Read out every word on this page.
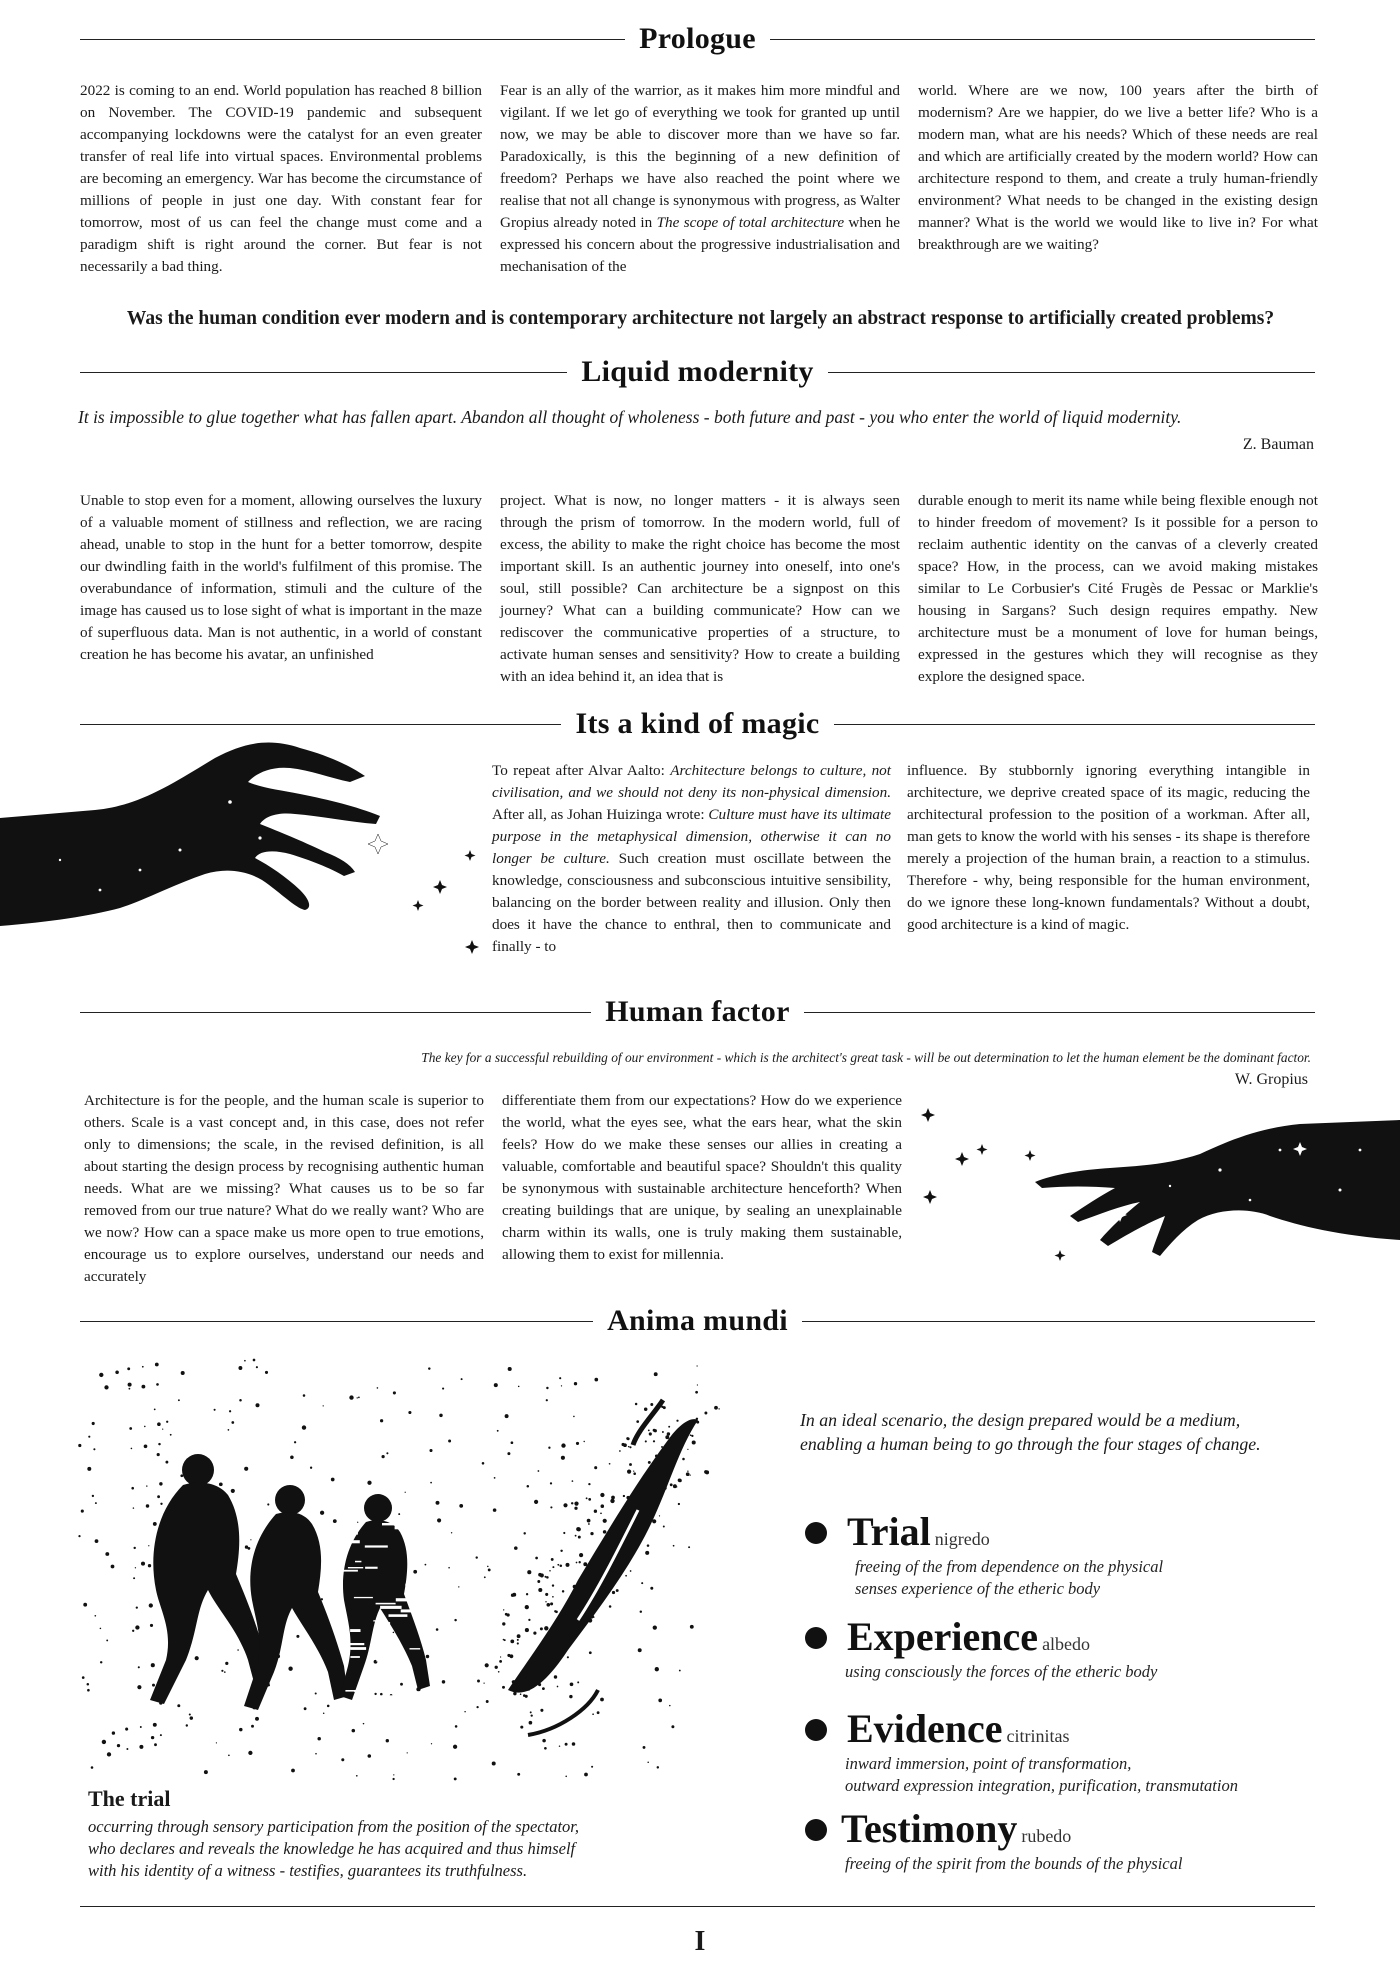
Prologue

2022 is coming to an end. World population has reached 8 billion on November. The COVID-19 pandemic and subsequent accompanying lockdowns were the catalyst for an even greater transfer of real life into virtual spaces. Environmental problems are becoming an emergency. War has become the circumstance of millions of people in just one day. With constant fear for tomorrow, most of us can feel the change must come and a paradigm shift is right around the corner. But fear is not necessarily a bad thing.

Fear is an ally of the warrior, as it makes him more mindful and vigilant. If we let go of everything we took for granted up until now, we may be able to discover more than we have so far. Paradoxically, is this the beginning of a new definition of freedom? Perhaps we have also reached the point where we realise that not all change is synonymous with progress, as Walter Gropius already noted in The scope of total architecture when he expressed his concern about the progressive industrialisation and mechanisation of the

world. Where are we now, 100 years after the birth of modernism? Are we happier, do we live a better life? Who is a modern man, what are his needs? Which of these needs are real and which are artificially created by the modern world? How can architecture respond to them, and create a truly human-friendly environment? What needs to be changed in the existing design manner? What is the world we would like to live in? For what breakthrough are we waiting?

Was the human condition ever modern and is contemporary architecture not largely an abstract response to artificially created problems?

Liquid modernity

It is impossible to glue together what has fallen apart. Abandon all thought of wholeness - both future and past - you who enter the world of liquid modernity.

Z. Bauman

Unable to stop even for a moment, allowing ourselves the luxury of a valuable moment of stillness and reflection, we are racing ahead, unable to stop in the hunt for a better tomorrow, despite our dwindling faith in the world's fulfilment of this promise. The overabundance of information, stimuli and the culture of the image has caused us to lose sight of what is important in the maze of superfluous data. Man is not authentic, in a world of constant creation he has become his avatar, an unfinished

project. What is now, no longer matters - it is always seen through the prism of tomorrow. In the modern world, full of excess, the ability to make the right choice has become the most important skill. Is an authentic journey into oneself, into one's soul, still possible? Can architecture be a signpost on this journey? What can a building communicate? How can we rediscover the communicative properties of a structure, to activate human senses and sensitivity? How to create a building with an idea behind it, an idea that is

durable enough to merit its name while being flexible enough not to hinder freedom of movement? Is it possible for a person to reclaim authentic identity on the canvas of a cleverly created space? How, in the process, can we avoid making mistakes similar to Le Corbusier's Cité Frugès de Pessac or Marklie's housing in Sargans? Such design requires empathy. New architecture must be a monument of love for human beings, expressed in the gestures which they will recognise as they explore the designed space.

Its a kind of magic

To repeat after Alvar Aalto: Architecture belongs to culture, not civilisation, and we should not deny its non-physical dimension. After all, as Johan Huizinga wrote: Culture must have its ultimate purpose in the metaphysical dimension, otherwise it can no longer be culture. Such creation must oscillate between the knowledge, consciousness and subconscious intuitive sensibility, balancing on the border between reality and illusion. Only then does it have the chance to enthral, then to communicate and finally - to

influence. By stubbornly ignoring everything intangible in architecture, we deprive created space of its magic, reducing the architectural profession to the position of a workman. After all, man gets to know the world with his senses - its shape is therefore merely a projection of the human brain, a reaction to a stimulus. Therefore - why, being responsible for the human environment, do we ignore these long-known fundamentals? Without a doubt, good architecture is a kind of magic.

Human factor

The key for a successful rebuilding of our environment - which is the architect's great task - will be out determination to let the human element be the dominant factor.

W. Gropius

Architecture is for the people, and the human scale is superior to others. Scale is a vast concept and, in this case, does not refer only to dimensions; the scale, in the revised definition, is all about starting the design process by recognising authentic human needs. What are we missing? What causes us to be so far removed from our true nature? What do we really want? Who are we now? How can a space make us more open to true emotions, encourage us to explore ourselves, understand our needs and accurately

differentiate them from our expectations? How do we experience the world, what the eyes see, what the ears hear, what the skin feels? How do we make these senses our allies in creating a valuable, comfortable and beautiful space? Shouldn't this quality be synonymous with sustainable architecture henceforth? When creating buildings that are unique, by sealing an unexplainable charm within its walls, one is truly making them sustainable, allowing them to exist for millennia.

Anima mundi
The trial
occurring through sensory participation from the position of the spectator,
who declares and reveals the knowledge he has acquired and thus himself
with his identity of a witness - testifies, guarantees its truthfulness.
In an ideal scenario, the design prepared would be a medium,
enabling a human being to go through the four stages of change.
Trial nigredo
freeing of the from dependence on the physical
senses experience of the etheric body
Experience albedo
using consciously the forces of the etheric body
Evidence citrinitas
inward immersion, point of transformation,
outward expression integration, purification, transmutation
Testimony rubedo
freeing of the spirit from the bounds of the physical
I
